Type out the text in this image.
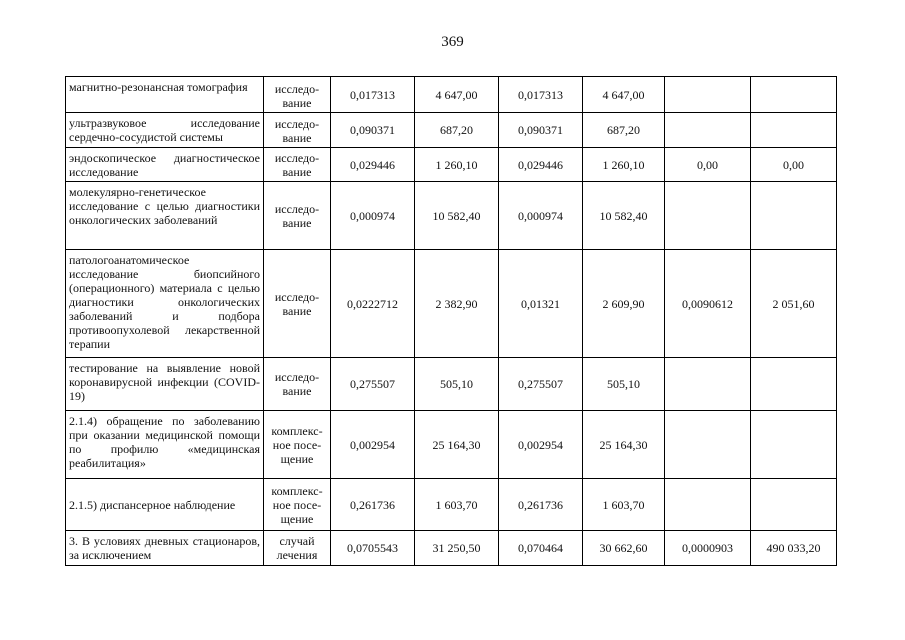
369
магнитно-резонансная томография	исследо-вание	0,017313	4 647,00	0,017313	4 647,00		
ультразвуковое исследование сердечно-сосудистой системы	исследо-вание	0,090371	687,20	0,090371	687,20		
эндоскопическое диагностическое исследование	исследо-вание	0,029446	1 260,10	0,029446	1 260,10	0,00	0,00
молекулярно-генетическое исследование с целью диагностики онкологических заболеваний	исследо-вание	0,000974	10 582,40	0,000974	10 582,40		
патологоанатомическое исследование биопсийного (операционного) материала с целью диагностики онкологических заболеваний и подбора противоопухолевой лекарственной терапии	исследо-вание	0,0222712	2 382,90	0,01321	2 609,90	0,0090612	2 051,60
тестирование на выявление новой коронавирусной инфекции (COVID-19)	исследо-вание	0,275507	505,10	0,275507	505,10		
2.1.4) обращение по заболеванию при оказании медицинской помощи по профилю «медицинская реабилитация»	комплекс-ное посе-щение	0,002954	25 164,30	0,002954	25 164,30		
2.1.5) диспансерное наблюдение	комплекс-ное посе-щение	0,261736	1 603,70	0,261736	1 603,70		
3. В условиях дневных стационаров, за исключением	случай лечения	0,0705543	31 250,50	0,070464	30 662,60	0,0000903	490 033,20
